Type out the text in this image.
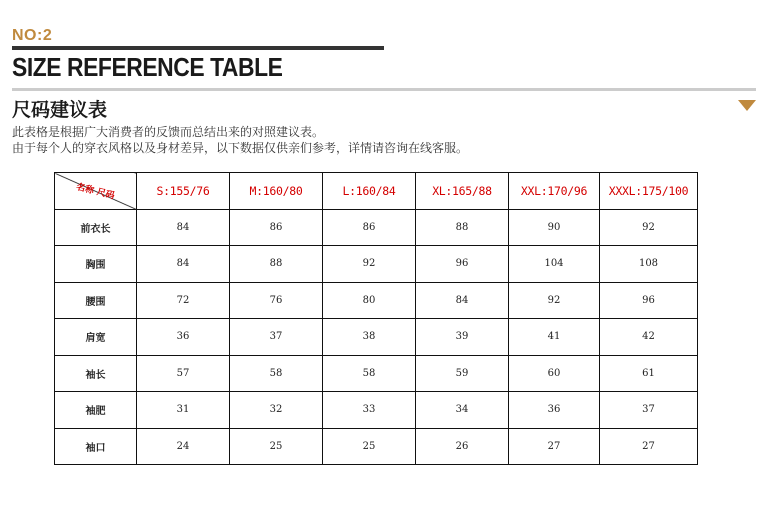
NO:2
SIZE REFERENCE TABLE
尺码建议表
此表格是根据广大消费者的反馈而总结出来的对照建议表。
由于每个人的穿衣风格以及身材差异，以下数据仅供亲们参考，详情请咨询在线客服。
名称 尺码	S:155/76	M:160/80	L:160/84	XL:165/88	XXL:170/96	XXXL:175/100
前衣长	84	86	86	88	90	92
胸围	84	88	92	96	104	108
腰围	72	76	80	84	92	96
肩宽	36	37	38	39	41	42
袖长	57	58	58	59	60	61
袖肥	31	32	33	34	36	37
袖口	24	25	25	26	27	27
